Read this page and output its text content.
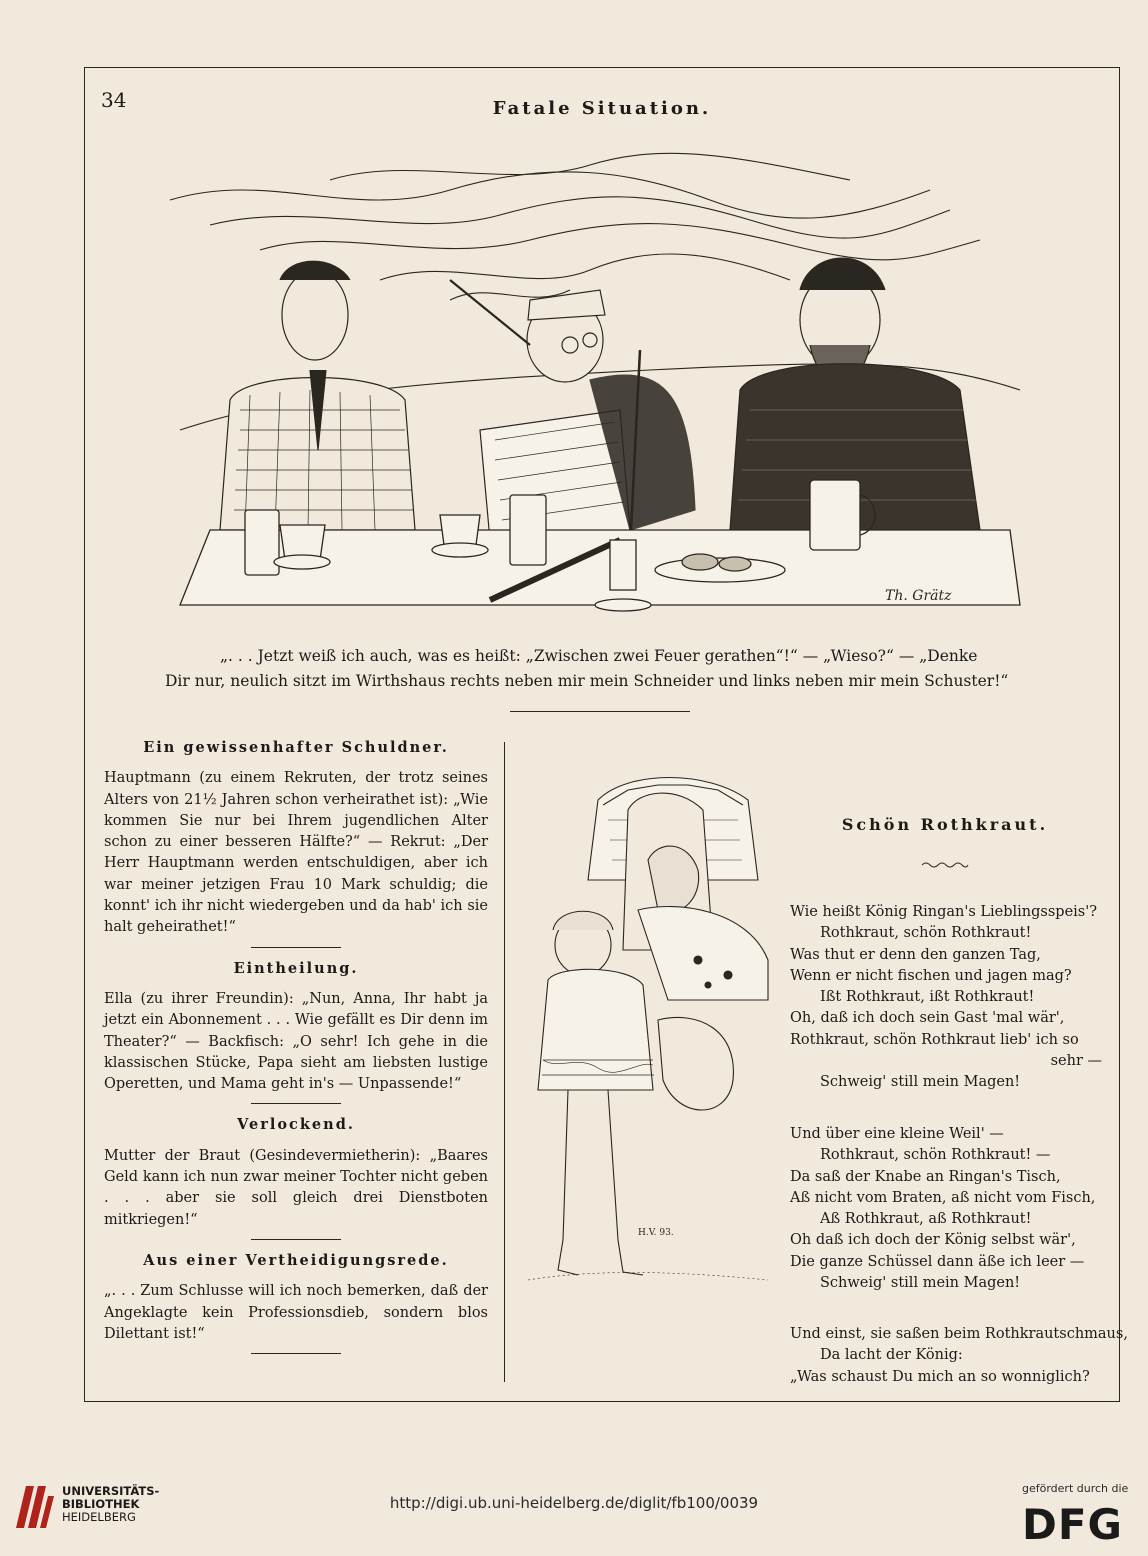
34	Fatale Situation.
Th. Grätz
„. . . Jetzt weiß ich auch, was es heißt: „Zwischen zwei Feuer gerathen“!“ — „Wieso?“ — „Denke
Dir nur, neulich sitzt im Wirthshaus rechts neben mir mein Schneider und links neben mir mein Schuster!“

Ein gewissenhafter Schuldner.

Hauptmann (zu einem Rekruten, der trotz seines Alters von 21½ Jahren schon verheirathet ist): „Wie kommen Sie nur bei Ihrem jugendlichen Alter schon zu einer besseren Hälfte?“ — Rekrut: „Der Herr Hauptmann werden entschuldigen, aber ich war meiner jetzigen Frau 10 Mark schuldig; die konnt' ich ihr nicht wiedergeben und da hab' ich sie halt geheirathet!“

Eintheilung.

Ella (zu ihrer Freundin): „Nun, Anna, Ihr habt ja jetzt ein Abonnement . . . Wie gefällt es Dir denn im Theater?“ — Backfisch: „O sehr! Ich gehe in die klassischen Stücke, Papa sieht am liebsten lustige Operetten, und Mama geht in's — Unpassende!“

Verlockend.

Mutter der Braut (Gesindevermietherin): „Baares Geld kann ich nun zwar meiner Tochter nicht geben . . . aber sie soll gleich drei Dienstboten mitkriegen!“

Aus einer Vertheidigungsrede.

„. . . Zum Schlusse will ich noch bemerken, daß der Angeklagte kein Professionsdieb, sondern blos Dilettant ist!“

H.V. 93.
Schön Rothkraut.
Wie heißt König Ringan's Lieblingsspeis'?
Rothkraut, schön Rothkraut!
Was thut er denn den ganzen Tag,
Wenn er nicht fischen und jagen mag?
Ißt Rothkraut, ißt Rothkraut!
Oh, daß ich doch sein Gast 'mal wär',
Rothkraut, schön Rothkraut lieb' ich so
sehr —
Schweig' still mein Magen!
Und über eine kleine Weil' —
Rothkraut, schön Rothkraut! —
Da saß der Knabe an Ringan's Tisch,
Aß nicht vom Braten, aß nicht vom Fisch,
Aß Rothkraut, aß Rothkraut!
Oh daß ich doch der König selbst wär',
Die ganze Schüssel dann äße ich leer —
Schweig' still mein Magen!
Und einst, sie saßen beim Rothkrautschmaus,
Da lacht der König:
„Was schaust Du mich an so wonniglich?
UNIVERSITÄTS-
BIBLIOTHEK
HEIDELBERG
http://digi.ub.uni-heidelberg.de/diglit/fb100/0039
gefördert durch die
DFG
